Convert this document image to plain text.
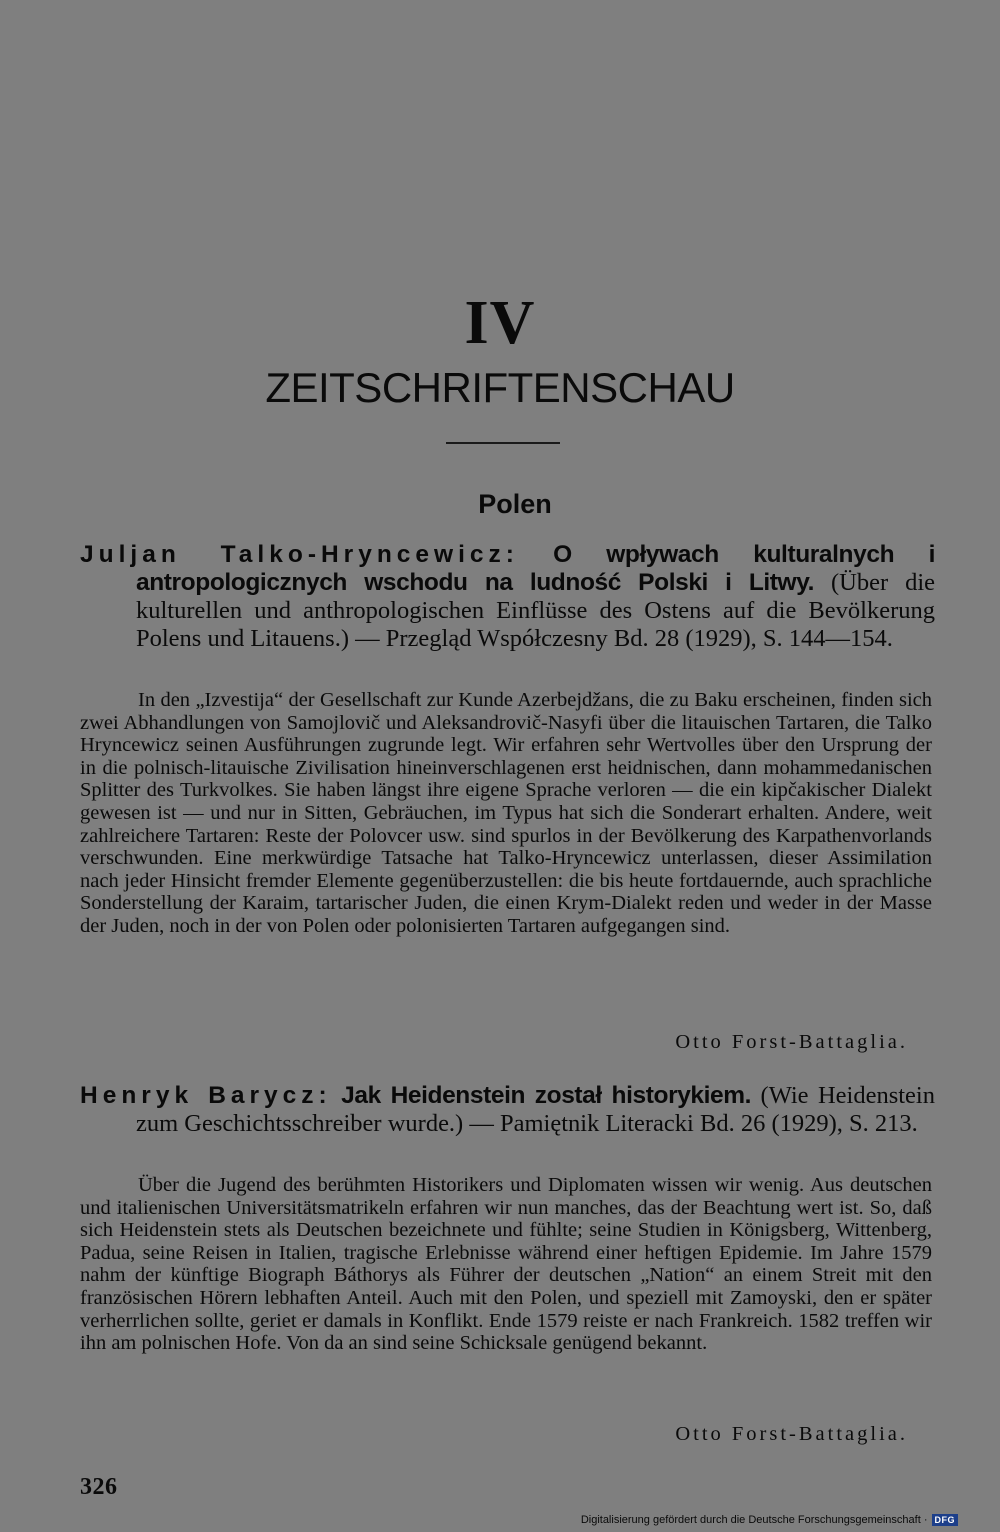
IV
ZEITSCHRIFTENSCHAU
Polen
Juljan Talko-Hryncewicz: O wpływach kulturalnych i antropologicznych wschodu na ludność Polski i Litwy. (Über die kulturellen und anthropologischen Einflüsse des Ostens auf die Bevölkerung Polens und Litauens.) — Przegląd Współczesny Bd. 28 (1929), S. 144—154.
In den „Izvestija“ der Gesellschaft zur Kunde Azerbejdžans, die zu Baku erscheinen, finden sich zwei Abhandlungen von Samojlovič und Aleksandrovič-Nasyfi über die litauischen Tartaren, die Talko Hryncewicz seinen Ausführungen zugrunde legt. Wir erfahren sehr Wertvolles über den Ursprung der in die polnisch-litauische Zivilisation hineinverschlagenen erst heidnischen, dann mohammedanischen Splitter des Turkvolkes. Sie haben längst ihre eigene Sprache verloren — die ein kipčakischer Dialekt gewesen ist — und nur in Sitten, Gebräuchen, im Typus hat sich die Sonderart erhalten. Andere, weit zahlreichere Tartaren: Reste der Polovcer usw. sind spurlos in der Bevölkerung des Karpathenvorlands verschwunden. Eine merkwürdige Tatsache hat Talko-Hryncewicz unterlassen, dieser Assimilation nach jeder Hinsicht fremder Elemente gegenüberzustellen: die bis heute fortdauernde, auch sprachliche Sonderstellung der Karaim, tartarischer Juden, die einen Krym-Dialekt reden und weder in der Masse der Juden, noch in der von Polen oder polonisierten Tartaren aufgegangen sind.
Otto Forst-Battaglia.
Henryk Barycz: Jak Heidenstein został historykiem. (Wie Heidenstein zum Geschichtsschreiber wurde.) — Pamiętnik Literacki Bd. 26 (1929), S. 213.
Über die Jugend des berühmten Historikers und Diplomaten wissen wir wenig. Aus deutschen und italienischen Universitätsmatrikeln erfahren wir nun manches, das der Beachtung wert ist. So, daß sich Heidenstein stets als Deutschen bezeichnete und fühlte; seine Studien in Königsberg, Wittenberg, Padua, seine Reisen in Italien, tragische Erlebnisse während einer heftigen Epidemie. Im Jahre 1579 nahm der künftige Biograph Báthorys als Führer der deutschen „Nation“ an einem Streit mit den französischen Hörern lebhaften Anteil. Auch mit den Polen, und speziell mit Zamoyski, den er später verherrlichen sollte, geriet er damals in Konflikt. Ende 1579 reiste er nach Frankreich. 1582 treffen wir ihn am polnischen Hofe. Von da an sind seine Schicksale genügend bekannt.
Otto Forst-Battaglia.
326
Digitalisierung gefördert durch die Deutsche Forschungsgemeinschaft · DFG
